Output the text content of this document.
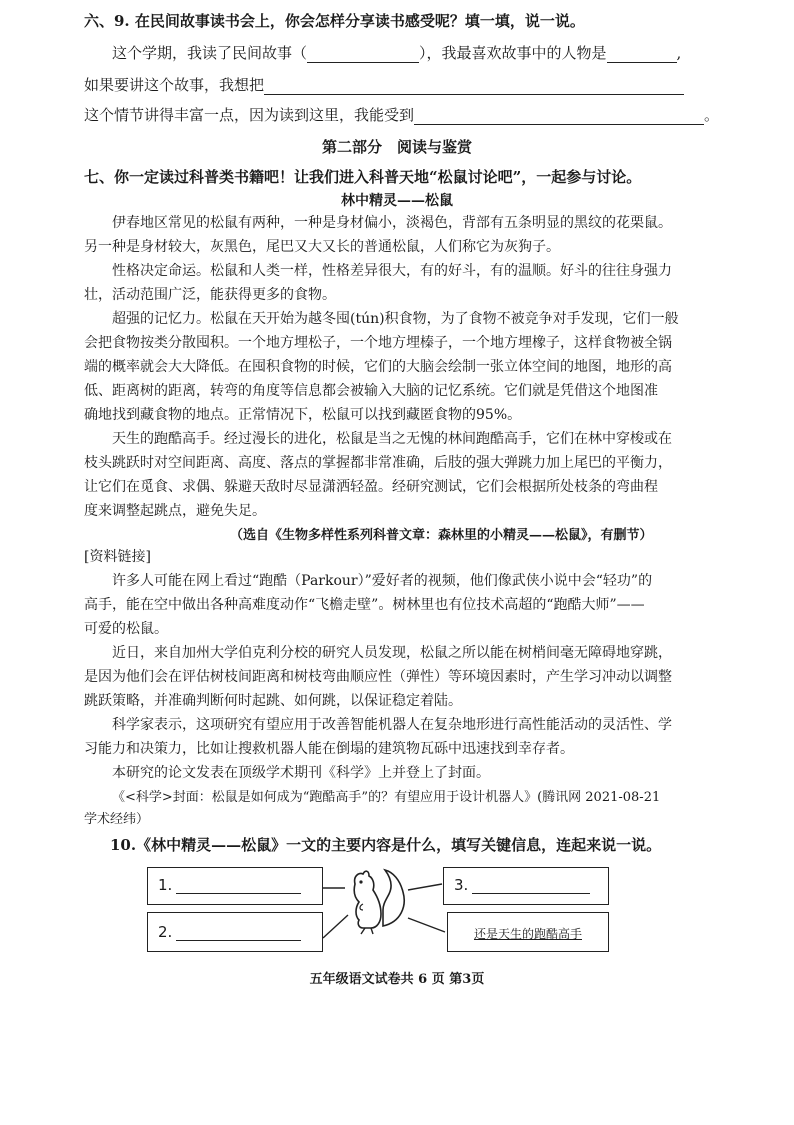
六、9. 在民间故事读书会上，你会怎样分享读书感受呢？填一填，说一说。
这个学期，我读了民间故事（	），我最喜欢故事中的人物是	,
如果要讲这个故事，我想把
这个情节讲得丰富一点，因为读到这里，我能受到	。
第二部分　阅读与鉴赏
七、你一定读过科普类书籍吧！让我们进入科普天地“松鼠讨论吧”，一起参与讨论。
林中精灵——松鼠
伊春地区常见的松鼠有两种，一种是身材偏小，淡褐色，背部有五条明显的黑纹的花栗鼠。
另一种是身材较大，灰黑色，尾巴又大又长的普通松鼠，人们称它为灰狗子。
性格决定命运。松鼠和人类一样，性格差异很大，有的好斗，有的温顺。好斗的往往身强力
壮，活动范围广泛，能获得更多的食物。
超强的记忆力。松鼠在天开始为越冬囤(tún)积食物，为了食物不被竞争对手发现，它们一般
会把食物按类分散囤积。一个地方埋松子，一个地方埋榛子，一个地方埋橡子，这样食物被全锅
端的概率就会大大降低。在囤积食物的时候，它们的大脑会绘制一张立体空间的地图，地形的高
低、距离树的距离，转弯的角度等信息都会被输入大脑的记忆系统。它们就是凭借这个地图准
确地找到藏食物的地点。正常情况下，松鼠可以找到藏匿食物的95%。
天生的跑酷高手。经过漫长的进化，松鼠是当之无愧的林间跑酷高手，它们在林中穿梭或在
枝头跳跃时对空间距离、高度、落点的掌握都非常准确，后肢的强大弹跳力加上尾巴的平衡力，
让它们在觅食、求偶、躲避天敌时尽显潇洒轻盈。经研究测试，它们会根据所处枝条的弯曲程
度来调整起跳点，避免失足。
（选自《生物多样性系列科普文章：森林里的小精灵——松鼠》，有删节）
[资料链接]
许多人可能在网上看过“跑酷（Parkour）”爱好者的视频，他们像武侠小说中会“轻功”的
高手，能在空中做出各种高难度动作“飞檐走壁”。树林里也有位技术高超的“跑酷大师”——
可爱的松鼠。
近日，来自加州大学伯克利分校的研究人员发现，松鼠之所以能在树梢间毫无障碍地穿跳，
是因为他们会在评估树枝间距离和树枝弯曲顺应性（弹性）等环境因素时，产生学习冲动以调整
跳跃策略，并准确判断何时起跳、如何跳，以保证稳定着陆。
科学家表示，这项研究有望应用于改善智能机器人在复杂地形进行高性能活动的灵活性、学
习能力和决策力，比如让搜救机器人能在倒塌的建筑物瓦砾中迅速找到幸存者。
本研究的论文发表在顶级学术期刊《科学》上并登上了封面。
《<科学>封面：松鼠是如何成为“跑酷高手”的？有望应用于设计机器人》(腾讯网 2021-08-21
学术经纬）
10.《林中精灵——松鼠》一文的主要内容是什么，填写关键信息，连起来说一说。
1.
2.
3.
还是天生的跑酷高手
五年级语文试卷共 6 页 第3页
